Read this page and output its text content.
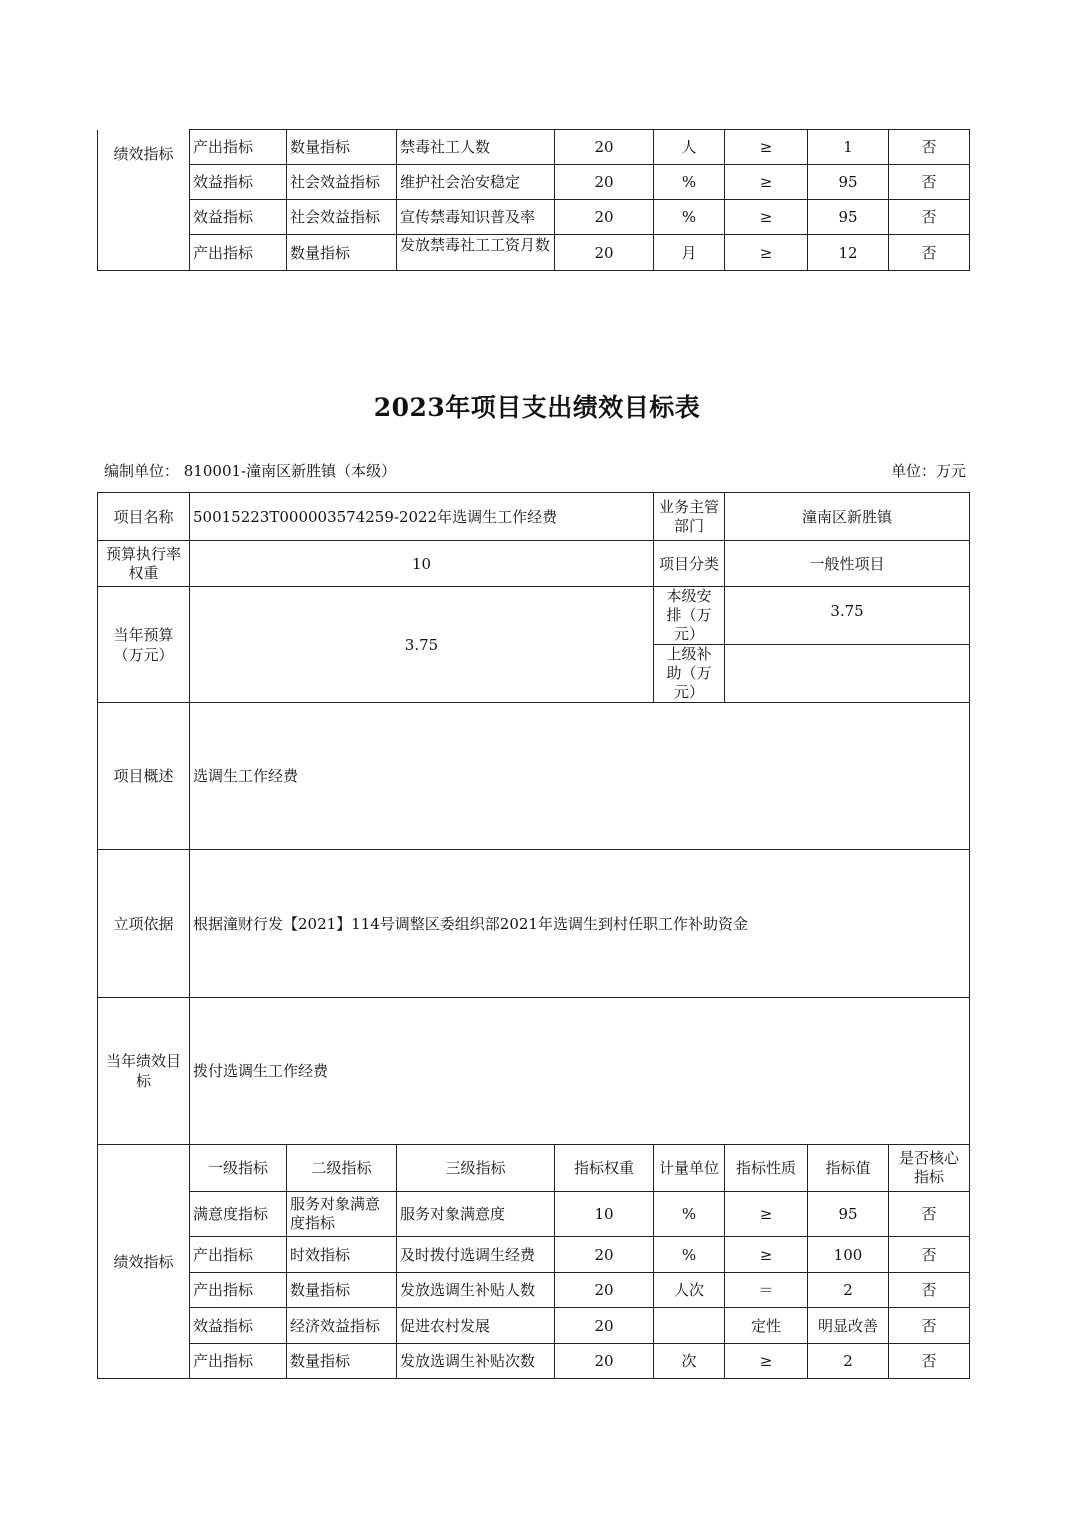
绩效指标	产出指标	数量指标	禁毒社工人数	20	人	≥	1	否
	效益指标	社会效益指标	维护社会治安稳定	20	%	≥	95	否
	效益指标	社会效益指标	宣传禁毒知识普及率	20	%	≥	95	否
	产出指标	数量指标	发放禁毒社工工资月数	20	月	≥	12	否
2023年项目支出绩效目标表
编制单位： 810001-潼南区新胜镇（本级）	单位：万元
项目名称	50015223T000003574259-2022年选调生工作经费				业务主管部门	潼南区新胜镇		
预算执行率权重	10				项目分类	一般性项目		
当年预算（万元）	3.75				本级安排（万元）	3.75		
					上级补助（万元）			
项目概述	选调生工作经费							
立项依据	根据潼财行发【2021】114号调整区委组织部2021年选调生到村任职工作补助资金							
当年绩效目标	拨付选调生工作经费							
绩效指标	一级指标	二级指标	三级指标	指标权重	计量单位	指标性质	指标值	是否核心指标
	满意度指标	服务对象满意度指标	服务对象满意度	10	%	≥	95	否
	产出指标	时效指标	及时拨付选调生经费	20	%	≥	100	否
	产出指标	数量指标	发放选调生补贴人数	20	人次	＝	2	否
	效益指标	经济效益指标	促进农村发展	20		定性	明显改善	否
	产出指标	数量指标	发放选调生补贴次数	20	次	≥	2	否
